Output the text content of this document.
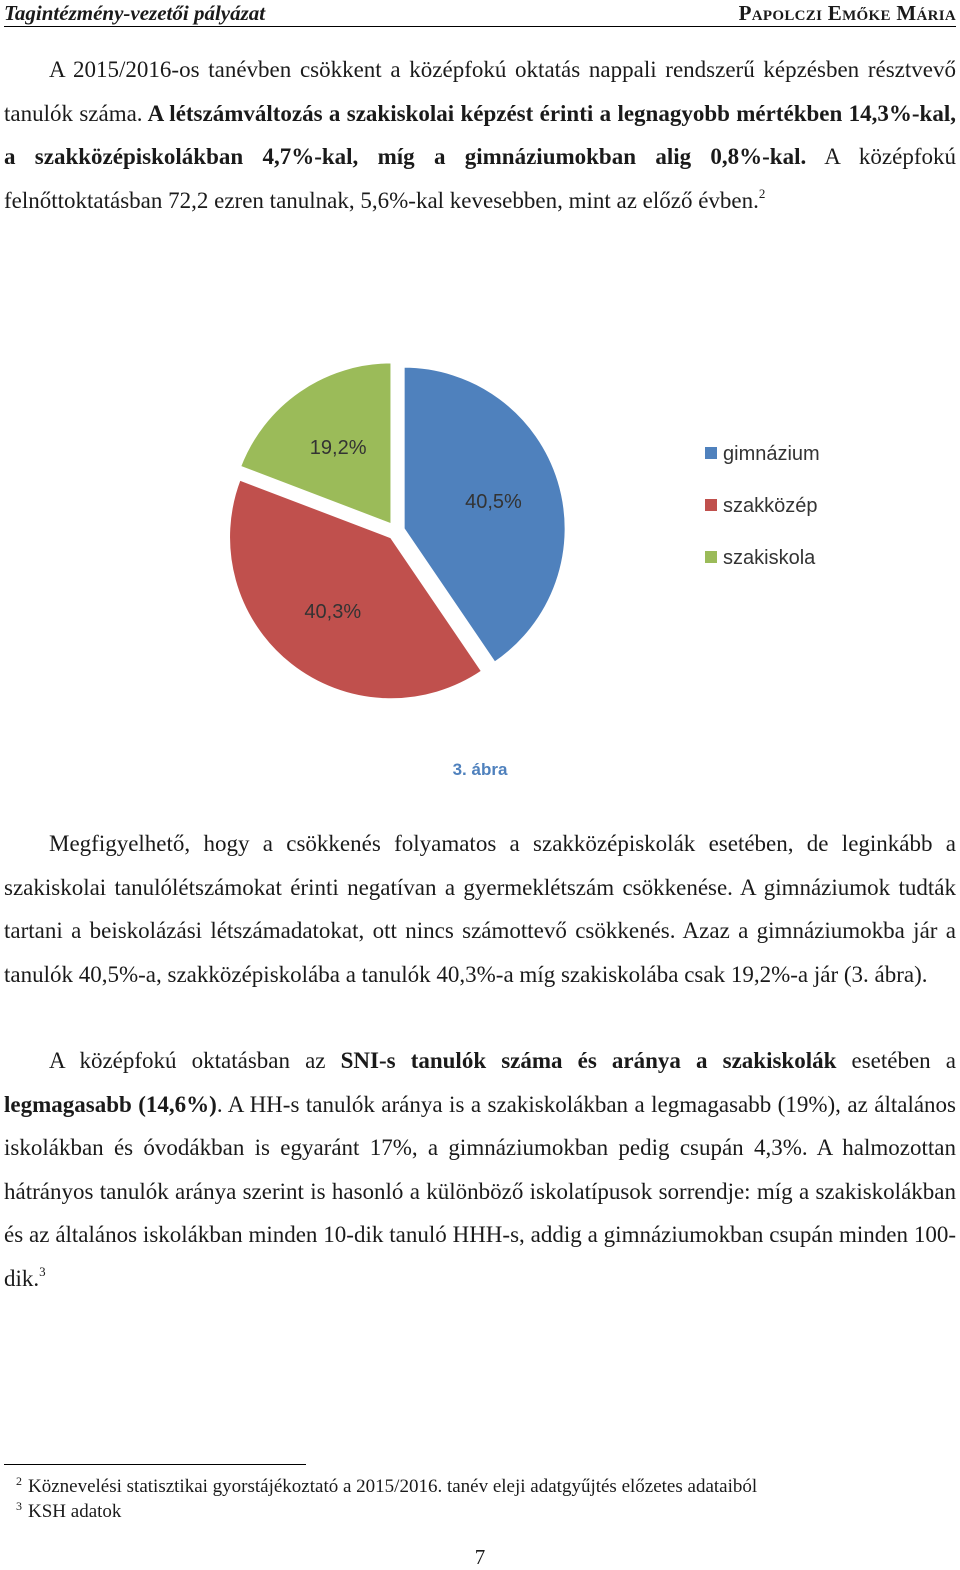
Tagintézmény-vezetői pályázat	Papolczi Emőke Mária
A 2015/2016-os tanévben csökkent a középfokú oktatás nappali rendszerű képzésben résztvevő tanulók száma. A létszámváltozás a szakiskolai képzést érinti a legnagyobb mértékben 14,3%-kal, a szakközépiskolákban 4,7%-kal, míg a gimnáziumokban alig 0,8%-kal. A középfokú felnőttoktatásban 72,2 ezren tanulnak, 5,6%-kal kevesebben, mint az előző évben.$^2$
40,5%
40,3%
19,2%	gimnázium
szakközép
szakiskola
3. ábra
Megfigyelhető, hogy a csökkenés folyamatos a szakközépiskolák esetében, de leginkább a szakiskolai tanulólétszámokat érinti negatívan a gyermeklétszám csökkenése. A gimnáziumok tudták tartani a beiskolázási létszámadatokat, ott nincs számottevő csökkenés. Azaz a gimnáziumokba jár a tanulók 40,5%-a, szakközépiskolába a tanulók 40,3%-a míg szakiskolába csak 19,2%-a jár (3. ábra).
A középfokú oktatásban az SNI-s tanulók száma és aránya a szakiskolák esetében a legmagasabb (14,6%). A HH-s tanulók aránya is a szakiskolákban a legmagasabb (19%), az általános iskolákban és óvodákban is egyaránt 17%, a gimnáziumokban pedig csupán 4,3%. A halmozottan hátrányos tanulók aránya szerint is hasonló a különböző iskolatípusok sorrendje: míg a szakiskolákban és az általános iskolákban minden 10-dik tanuló HHH-s, addig a gimnáziumokban csupán minden 100-dik.$^3$
$^2$ Köznevelési statisztikai gyorstájékoztató a 2015/2016. tanév eleji adatgyűjtés előzetes adataiból
$^3$ KSH adatok
7
